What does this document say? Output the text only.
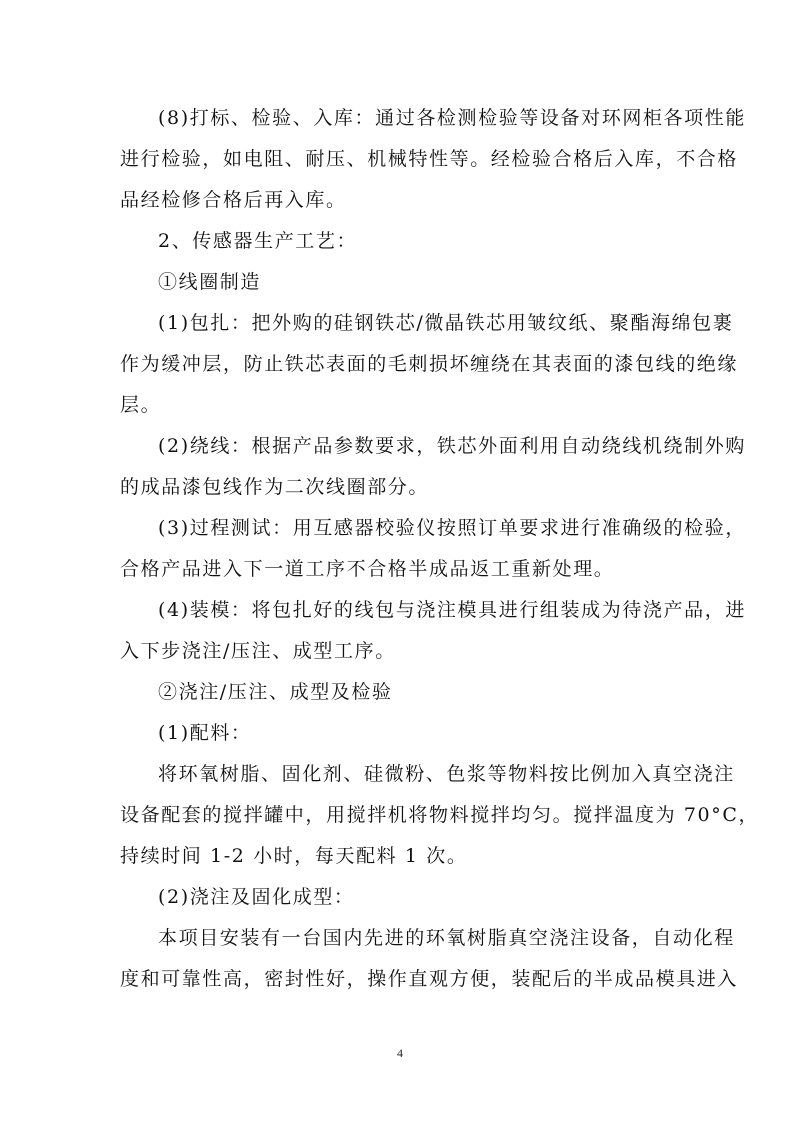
(8)打标、检验、入库：通过各检测检验等设备对环网柜各项性能
进行检验，如电阻、耐压、机械特性等。经检验合格后入库，不合格
品经检修合格后再入库。
2、传感器生产工艺：
①线圈制造
(1)包扎：把外购的硅钢铁芯/微晶铁芯用皱纹纸、聚酯海绵包裹
作为缓冲层，防止铁芯表面的毛刺损坏缠绕在其表面的漆包线的绝缘
层。
(2)绕线：根据产品参数要求，铁芯外面利用自动绕线机绕制外购
的成品漆包线作为二次线圈部分。
(3)过程测试：用互感器校验仪按照订单要求进行准确级的检验，
合格产品进入下一道工序不合格半成品返工重新处理。
(4)装模：将包扎好的线包与浇注模具进行组装成为待浇产品，进
入下步浇注/压注、成型工序。
②浇注/压注、成型及检验
(1)配料：
将环氧树脂、固化剂、硅微粉、色浆等物料按比例加入真空浇注
设备配套的搅拌罐中，用搅拌机将物料搅拌均匀。搅拌温度为 70°C，
持续时间 1-2 小时，每天配料 1 次。
(2)浇注及固化成型：
本项目安装有一台国内先进的环氧树脂真空浇注设备，自动化程
度和可靠性高，密封性好，操作直观方便，装配后的半成品模具进入
4
